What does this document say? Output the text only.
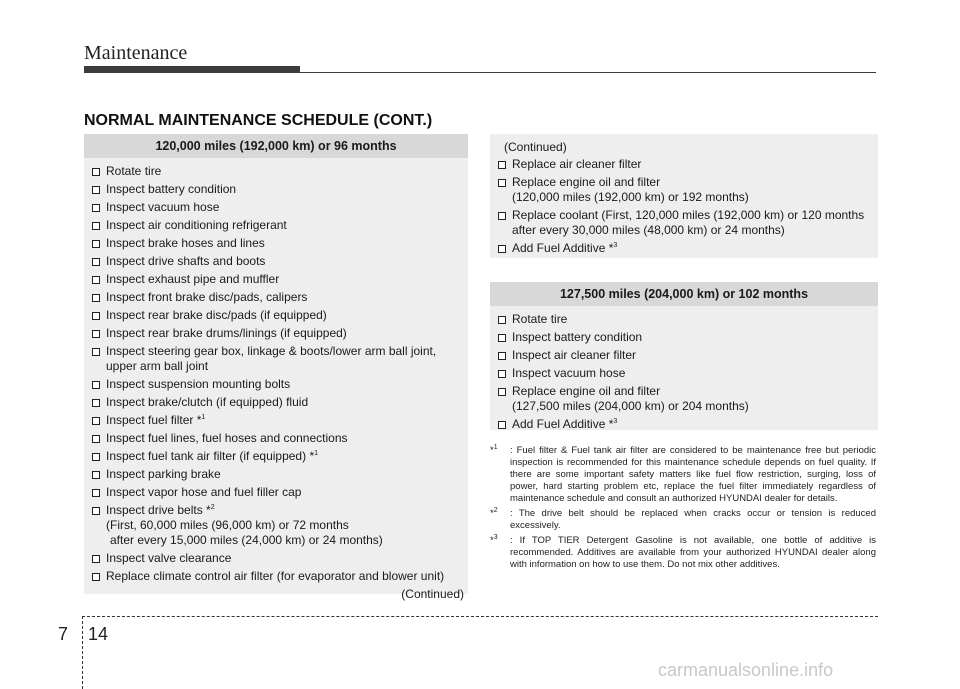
Maintenance
NORMAL MAINTENANCE SCHEDULE (CONT.)
120,000 miles (192,000 km) or 96 months
Rotate tire
Inspect battery condition
Inspect vacuum hose
Inspect air conditioning refrigerant
Inspect brake hoses and lines
Inspect drive shafts and boots
Inspect exhaust pipe and muffler
Inspect front brake disc/pads, calipers
Inspect rear brake disc/pads (if equipped)
Inspect rear brake drums/linings (if equipped)
Inspect steering gear box, linkage & boots/lower arm ball joint,
upper arm ball joint
Inspect suspension mounting bolts
Inspect brake/clutch (if equipped) fluid
Inspect fuel filter *$^1$
Inspect fuel lines, fuel hoses and connections
Inspect fuel tank air filter (if equipped) *$^1$
Inspect parking brake
Inspect vapor hose and fuel filler cap
Inspect drive belts *$^2$
(First, 60,000 miles (96,000 km) or 72 months
after every 15,000 miles (24,000 km) or 24 months)
Inspect valve clearance
Replace climate control air filter (for evaporator and blower unit)
(Continued)
(Continued)
Replace air cleaner filter
Replace engine oil and filter
(120,000 miles (192,000 km) or 192 months)
Replace coolant (First, 120,000 miles (192,000 km) or 120 months
after every 30,000 miles (48,000 km) or 24 months)
Add Fuel Additive *$^3$
127,500 miles (204,000 km) or 102 months
Rotate tire
Inspect battery condition
Inspect air cleaner filter
Inspect vacuum hose
Replace engine oil and filter
(127,500 miles (204,000 km) or 204 months)
Add Fuel Additive *$^3$
*$^1$ : Fuel filter & Fuel tank air filter are considered to be maintenance free but periodic inspection is recommended for this maintenance schedule depends on fuel quality. If there are some important safety matters like fuel flow restriction, surging, loss of power, hard starting problem etc, replace the fuel filter immediately regardless of maintenance schedule and consult an authorized HYUNDAI dealer for details.
*$^2$ : The drive belt should be replaced when cracks occur or tension is reduced excessively.
*$^3$ : If TOP TIER Detergent Gasoline is not available, one bottle of additive is recommended. Additives are available from your authorized HYUNDAI dealer along with information on how to use them. Do not mix other additives.
7 14
carmanualsonline.info
